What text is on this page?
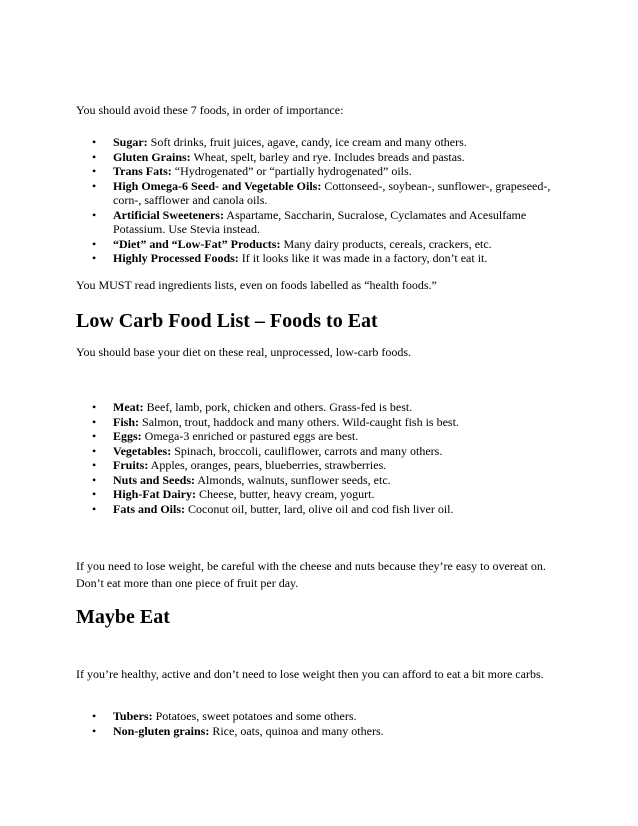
You should avoid these 7 foods, in order of importance:

• Sugar: Soft drinks, fruit juices, agave, candy, ice cream and many others.
• Gluten Grains: Wheat, spelt, barley and rye. Includes breads and pastas.
• Trans Fats: “Hydrogenated” or “partially hydrogenated” oils.
• High Omega-6 Seed- and Vegetable Oils: Cottonseed-, soybean-, sunflower-, grapeseed-, corn-, safflower and canola oils.
• Artificial Sweeteners: Aspartame, Saccharin, Sucralose, Cyclamates and Acesulfame Potassium. Use Stevia instead.
• “Diet” and “Low-Fat” Products: Many dairy products, cereals, crackers, etc.
• Highly Processed Foods: If it looks like it was made in a factory, don’t eat it.

You MUST read ingredients lists, even on foods labelled as “health foods.”

Low Carb Food List – Foods to Eat

You should base your diet on these real, unprocessed, low-carb foods.

• Meat: Beef, lamb, pork, chicken and others. Grass-fed is best.
• Fish: Salmon, trout, haddock and many others. Wild-caught fish is best.
• Eggs: Omega-3 enriched or pastured eggs are best.
• Vegetables: Spinach, broccoli, cauliflower, carrots and many others.
• Fruits: Apples, oranges, pears, blueberries, strawberries.
• Nuts and Seeds: Almonds, walnuts, sunflower seeds, etc.
• High-Fat Dairy: Cheese, butter, heavy cream, yogurt.
• Fats and Oils: Coconut oil, butter, lard, olive oil and cod fish liver oil.

If you need to lose weight, be careful with the cheese and nuts because they’re easy to overeat on. Don’t eat more than one piece of fruit per day.

Maybe Eat

If you’re healthy, active and don’t need to lose weight then you can afford to eat a bit more carbs.

• Tubers: Potatoes, sweet potatoes and some others.
• Non-gluten grains: Rice, oats, quinoa and many others.
